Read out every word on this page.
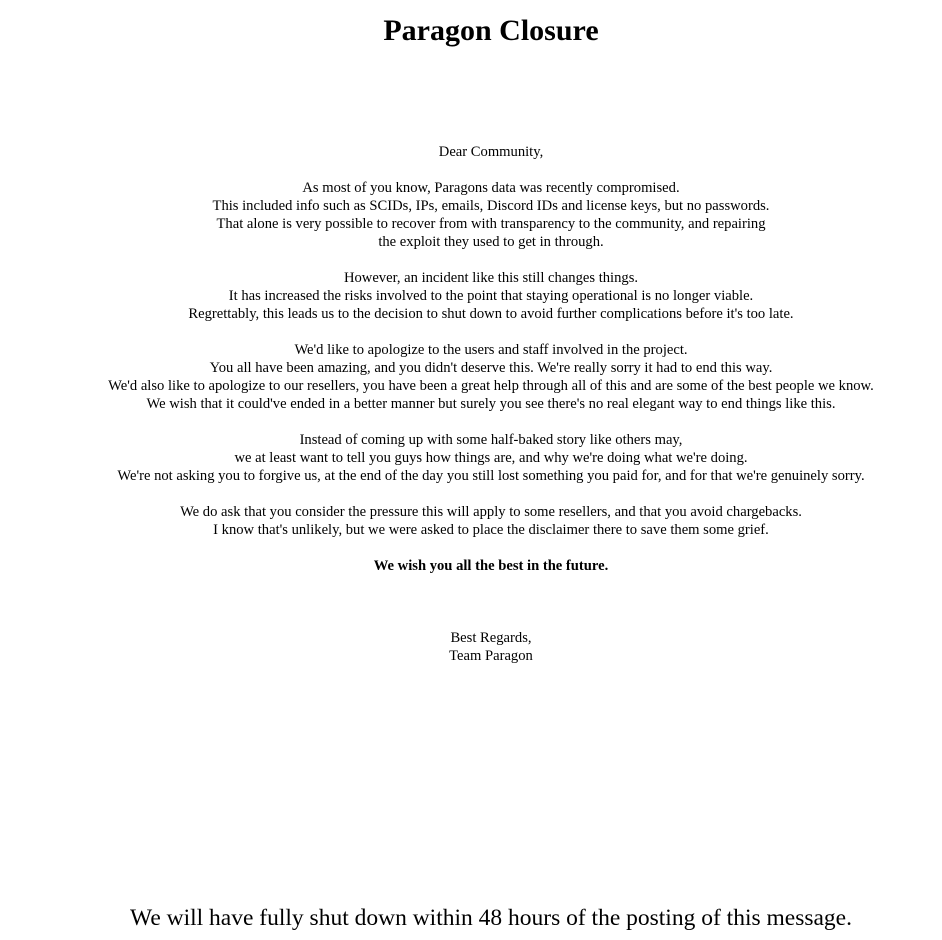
Paragon Closure
Dear Community,
As most of you know, Paragons data was recently compromised.
This included info such as SCIDs, IPs, emails, Discord IDs and license keys, but no passwords.
That alone is very possible to recover from with transparency to the community, and repairing
the exploit they used to get in through.
However, an incident like this still changes things.
It has increased the risks involved to the point that staying operational is no longer viable.
Regrettably, this leads us to the decision to shut down to avoid further complications before it's too late.
We'd like to apologize to the users and staff involved in the project.
You all have been amazing, and you didn't deserve this. We're really sorry it had to end this way.
We'd also like to apologize to our resellers, you have been a great help through all of this and are some of the best people we know.
We wish that it could've ended in a better manner but surely you see there's no real elegant way to end things like this.
Instead of coming up with some half-baked story like others may,
we at least want to tell you guys how things are, and why we're doing what we're doing.
We're not asking you to forgive us, at the end of the day you still lost something you paid for, and for that we're genuinely sorry.
We do ask that you consider the pressure this will apply to some resellers, and that you avoid chargebacks.
I know that's unlikely, but we were asked to place the disclaimer there to save them some grief.
We wish you all the best in the future.
Best Regards,
Team Paragon
We will have fully shut down within 48 hours of the posting of this message.
